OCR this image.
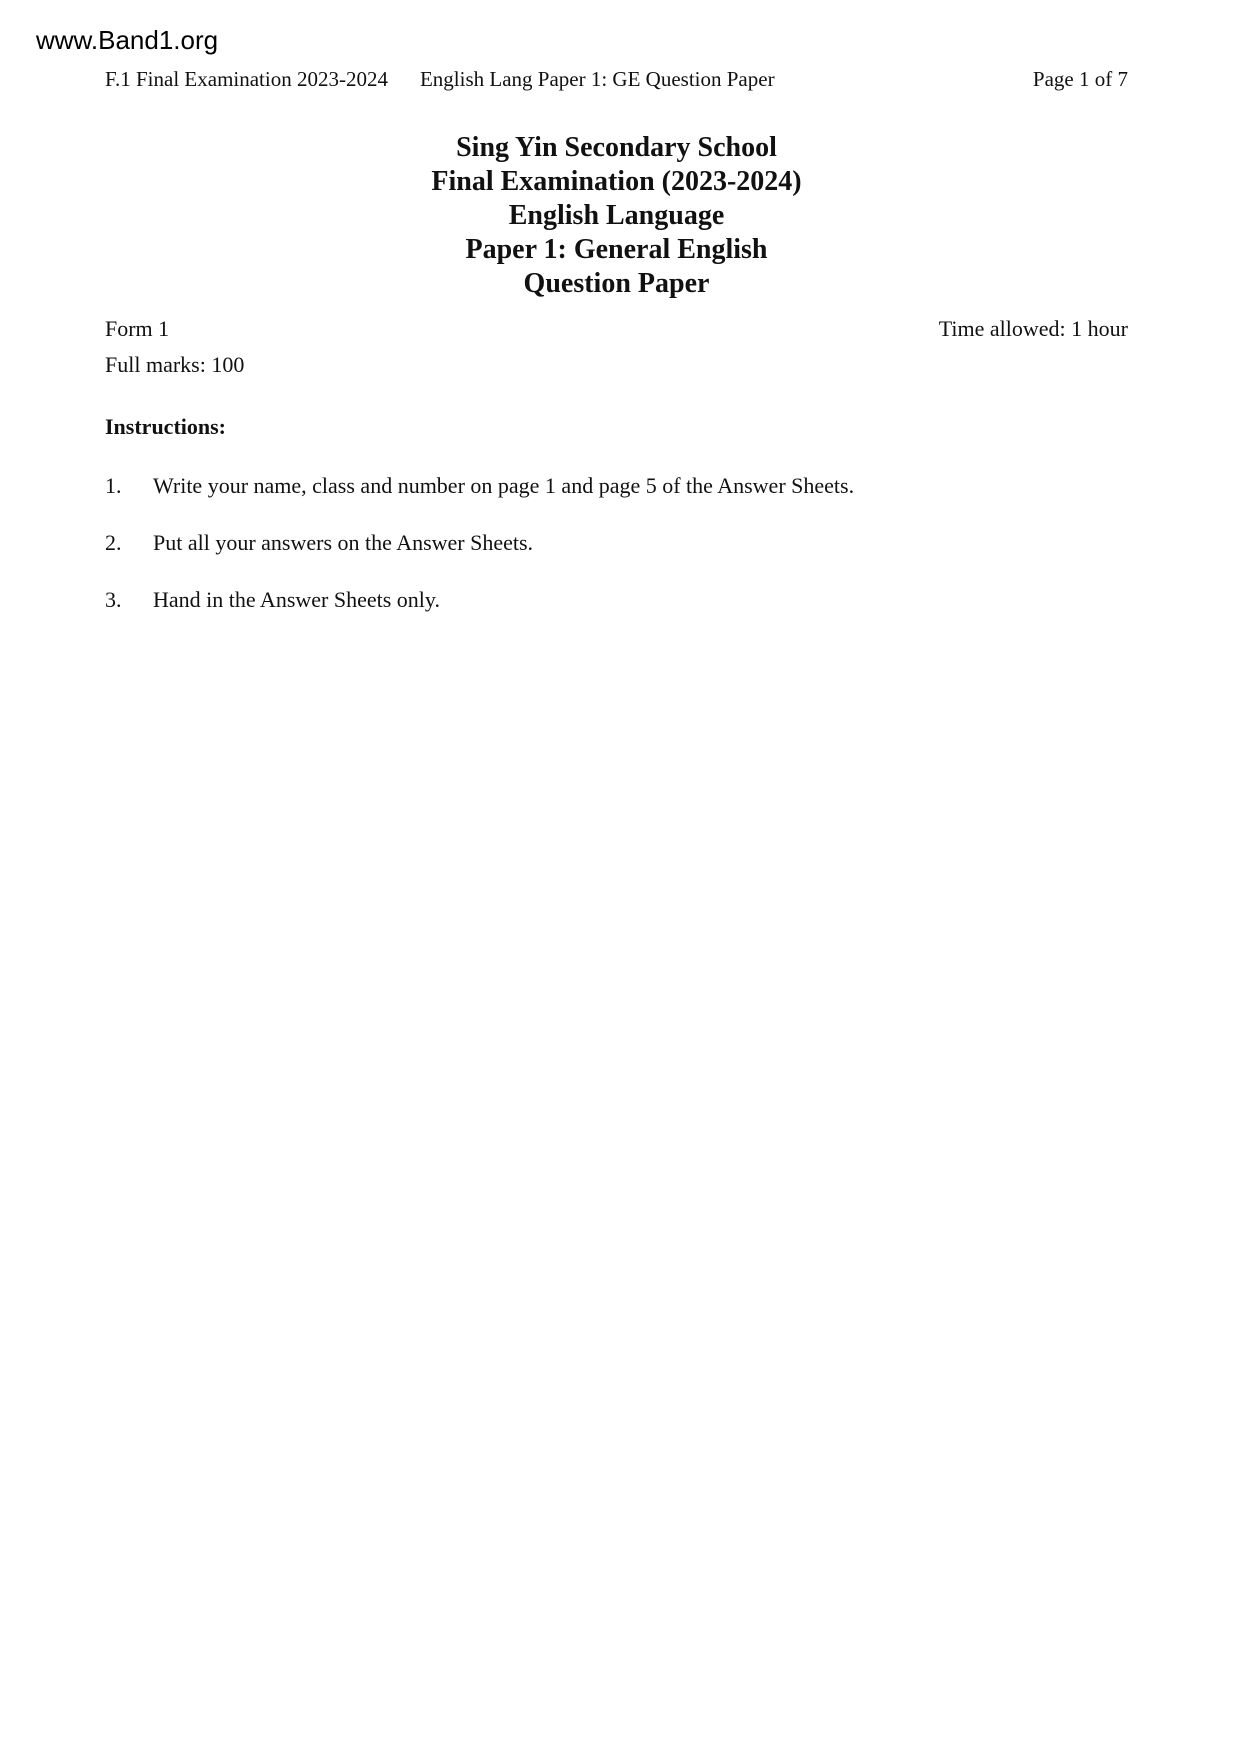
www.Band1.org
F.1 Final Examination 2023-2024 English Lang Paper 1: GE Question Paper	Page 1 of 7
Sing Yin Secondary School
Final Examination (2023-2024)
English Language
Paper 1: General English
Question Paper
Form 1	Time allowed: 1 hour
Full marks: 100
Instructions:
1.	Write your name, class and number on page 1 and page 5 of the Answer Sheets.
2.	Put all your answers on the Answer Sheets.
3.	Hand in the Answer Sheets only.
